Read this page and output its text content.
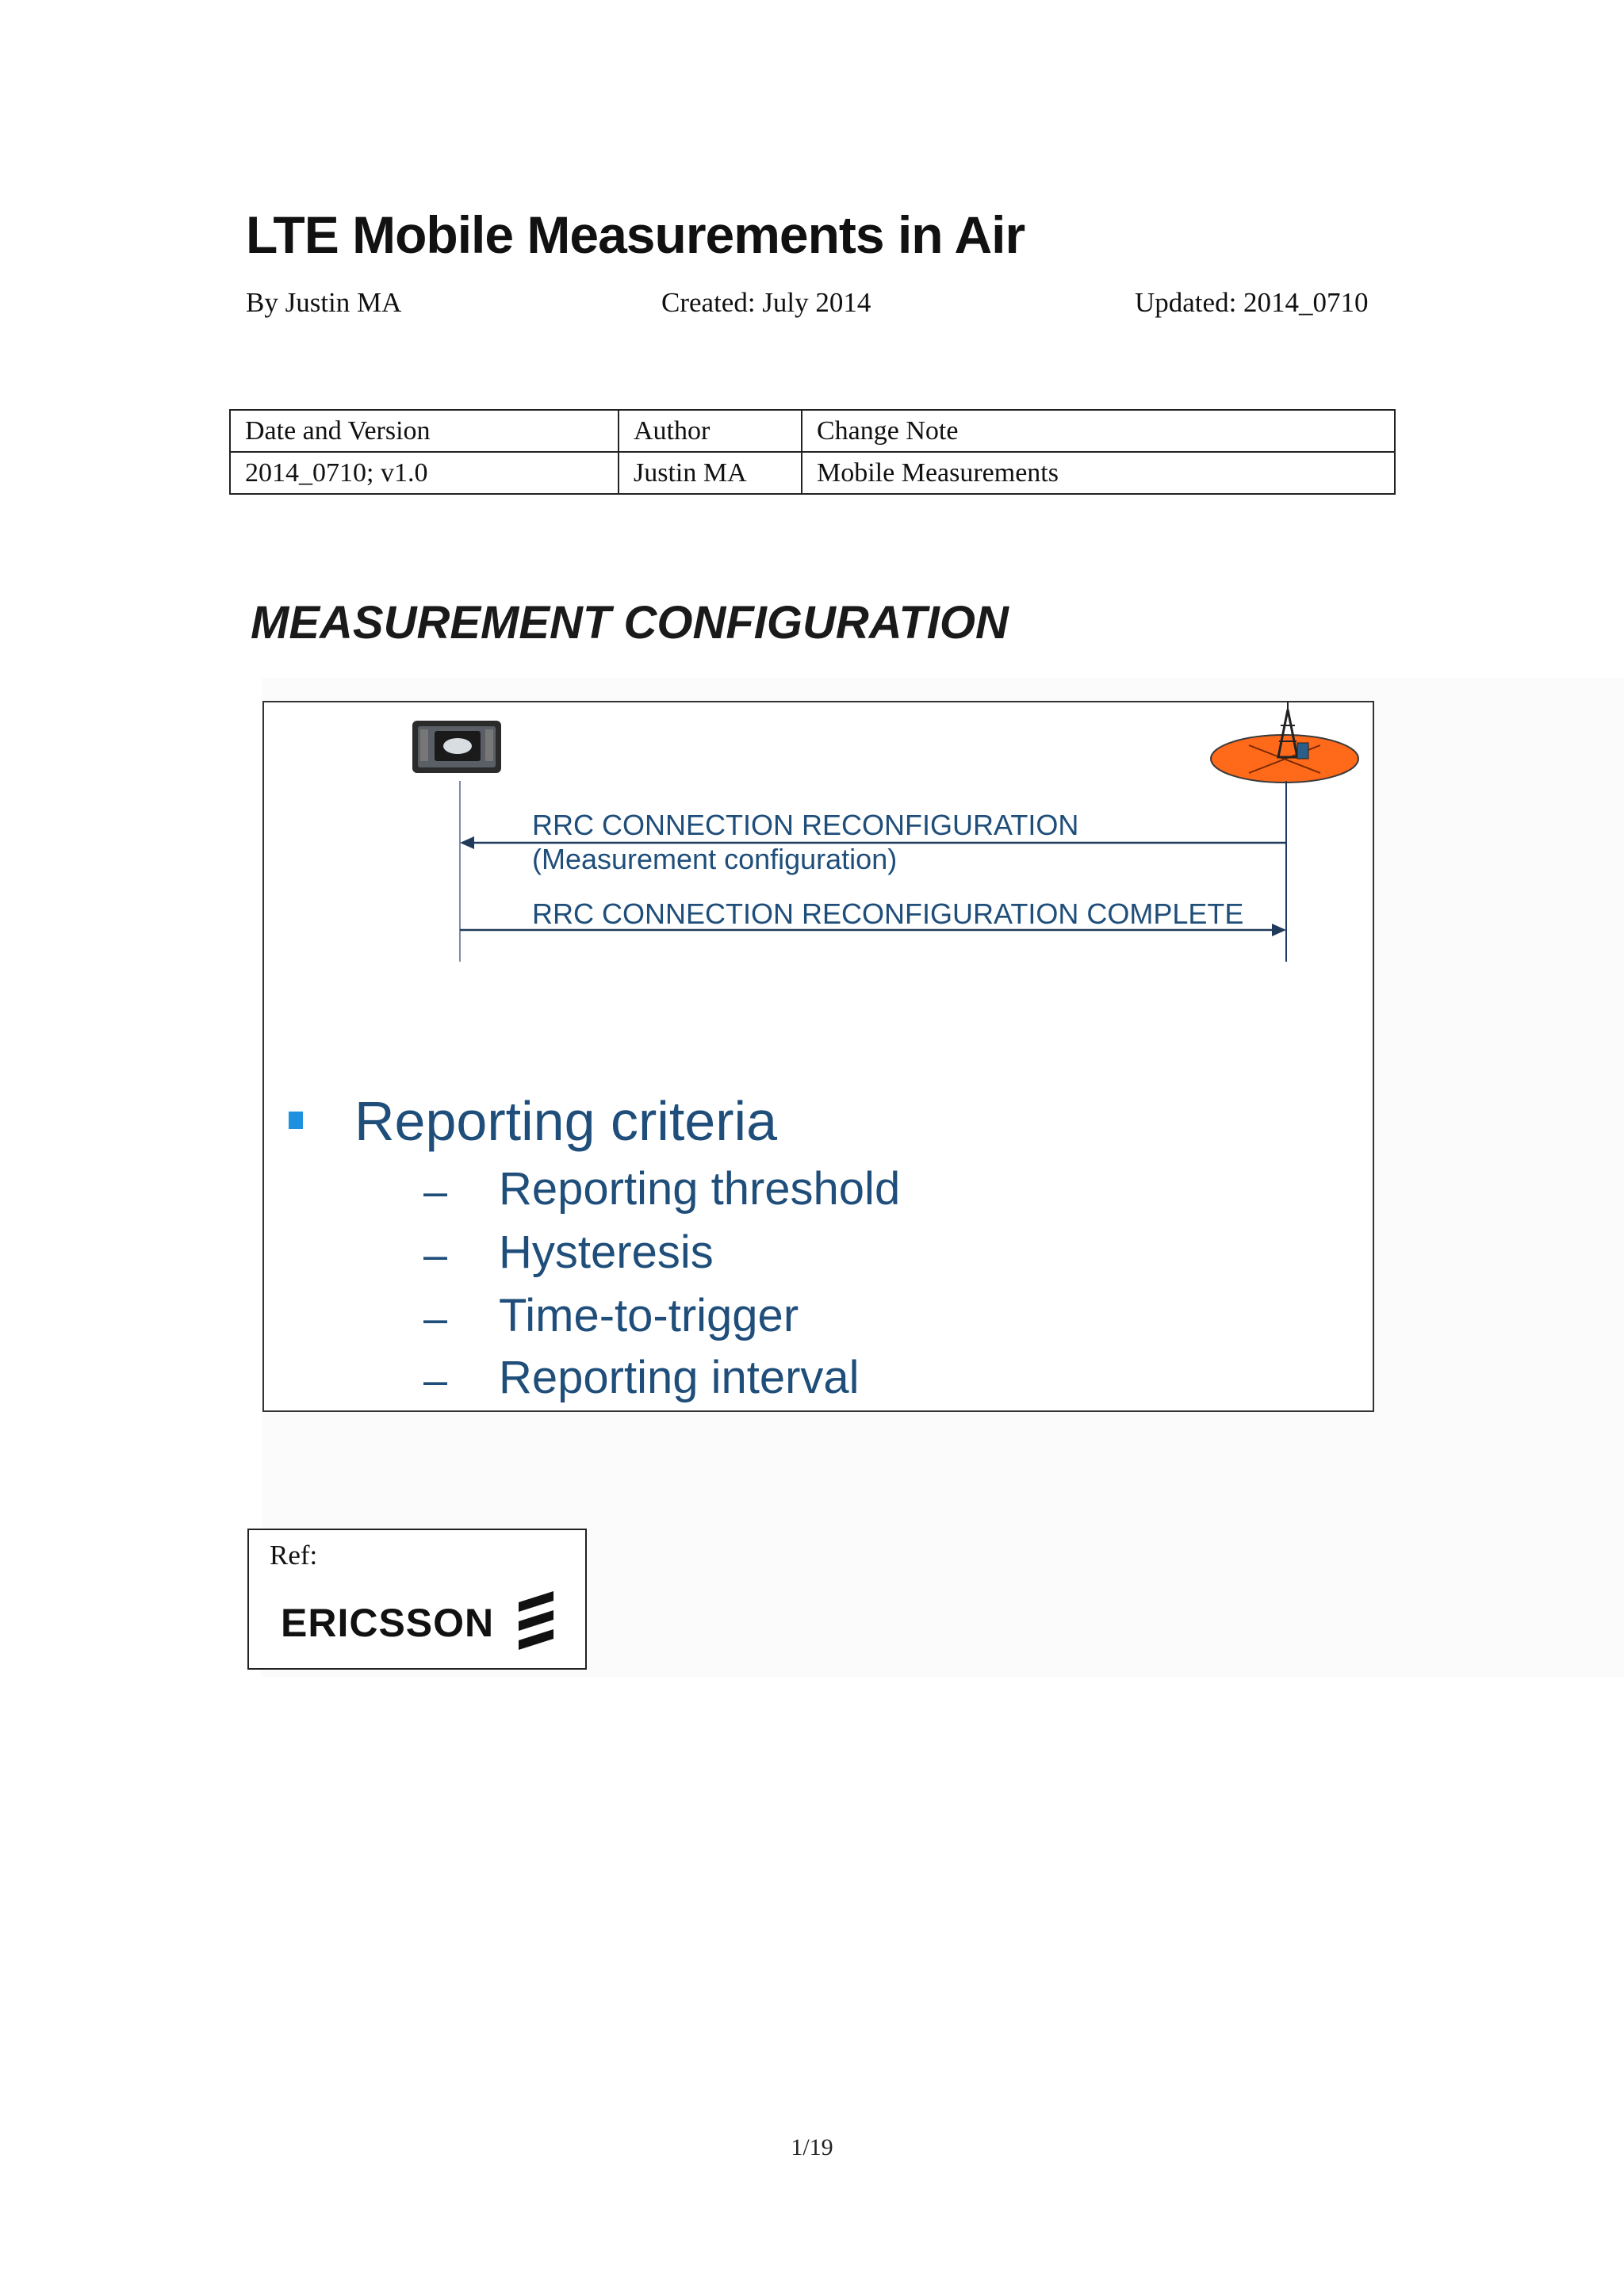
LTE Mobile Measurements in Air
By Justin MA	Created: July 2014	Updated: 2014_0710
Date and Version	Author	Change Note
2014_0710; v1.0	Justin MA	Mobile Measurements
MEASUREMENT CONFIGURATION
RRC CONNECTION RECONFIGURATION
(Measurement configuration)
RRC CONNECTION RECONFIGURATION COMPLETE
Reporting criteria
– Reporting threshold
– Hysteresis
– Time-to-trigger
– Reporting interval
Ref:
ERICSSON
1/19
